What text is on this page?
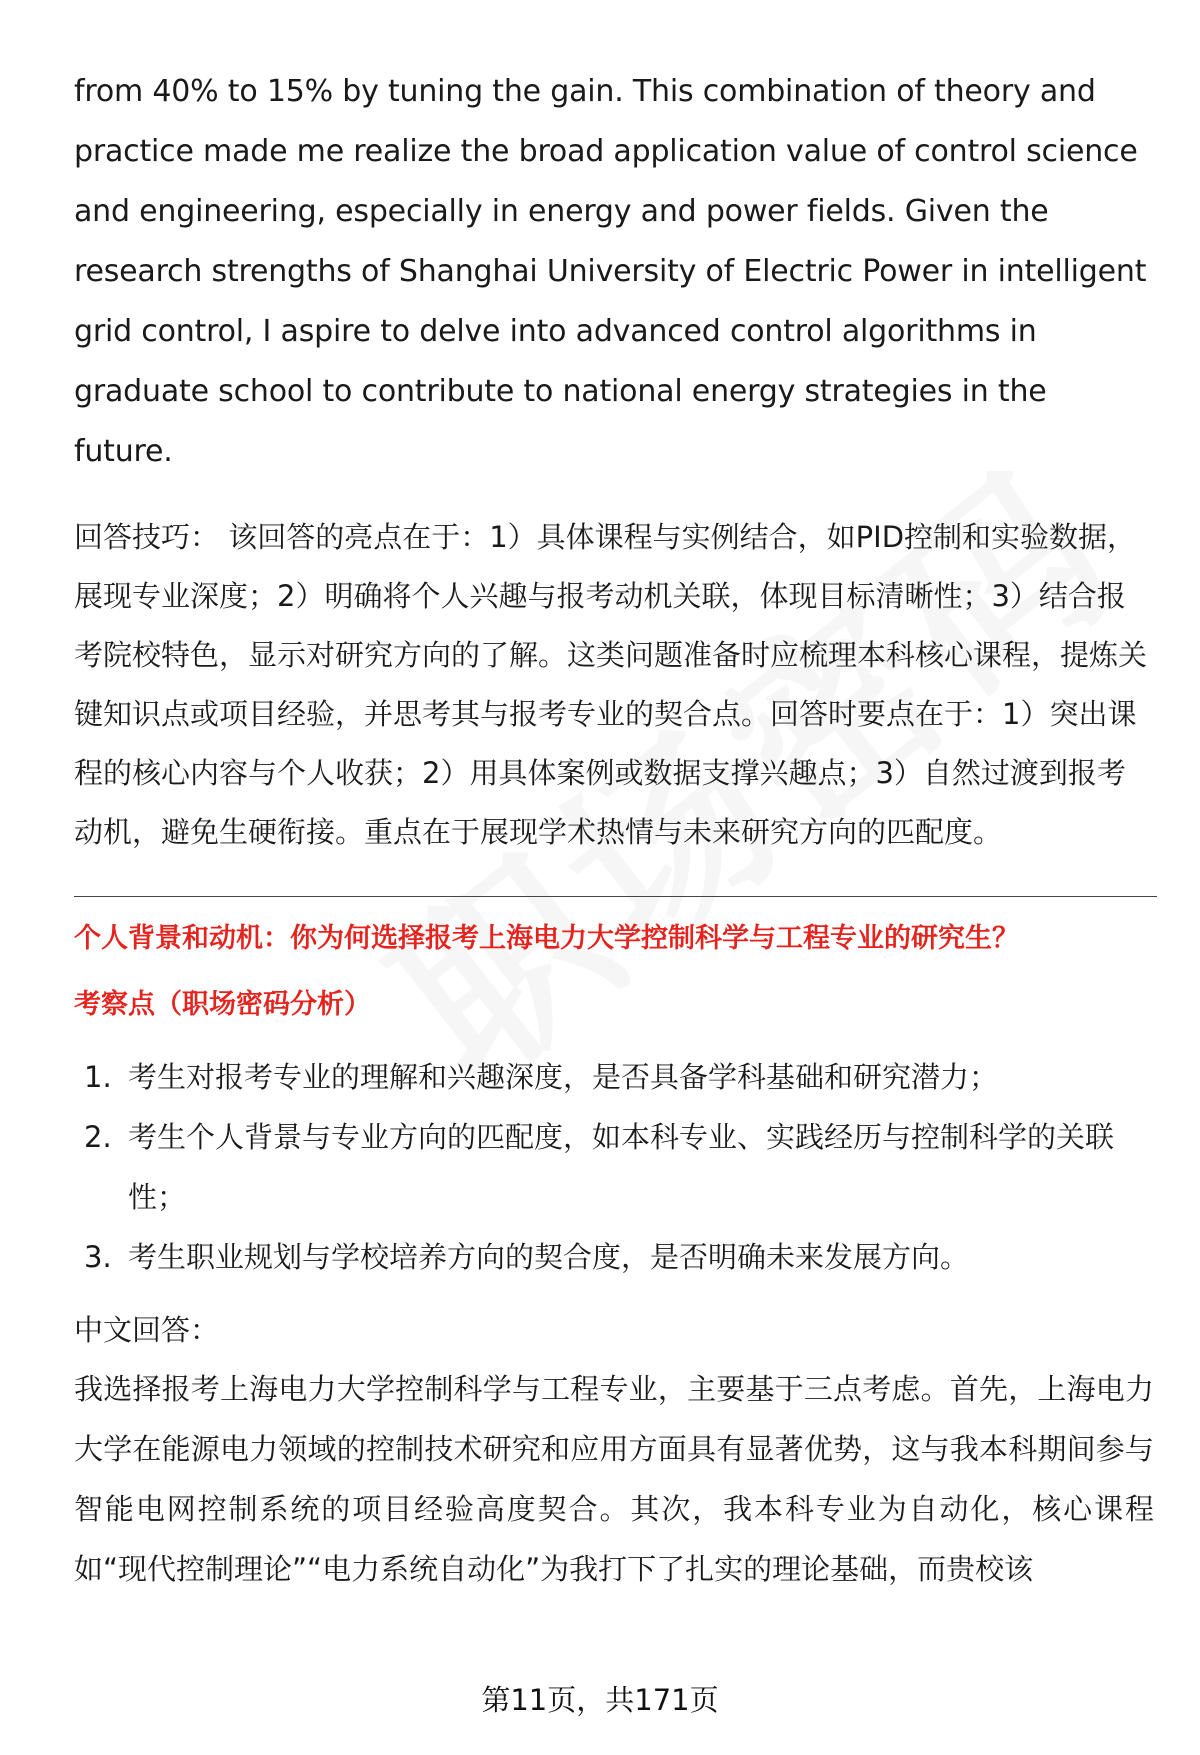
from 40% to 15% by tuning the gain. This combination of theory and practice made me realize the broad application value of control science and engineering, especially in energy and power fields. Given the research strengths of Shanghai University of Electric Power in intelligent grid control, I aspire to delve into advanced control algorithms in graduate school to contribute to national energy strategies in the future.

回答技巧： 该回答的亮点在于：1）具体课程与实例结合，如PID控制和实验数据，展现专业深度；2）明确将个人兴趣与报考动机关联，体现目标清晰性；3）结合报考院校特色，显示对研究方向的了解。这类问题准备时应梳理本科核心课程，提炼关键知识点或项目经验，并思考其与报考专业的契合点。回答时要点在于：1）突出课程的核心内容与个人收获；2）用具体案例或数据支撑兴趣点；3）自然过渡到报考动机，避免生硬衔接。重点在于展现学术热情与未来研究方向的匹配度。

个人背景和动机：你为何选择报考上海电力大学控制科学与工程专业的研究生？
考察点（职场密码分析）
1. 考生对报考专业的理解和兴趣深度，是否具备学科基础和研究潜力；
2. 考生个人背景与专业方向的匹配度，如本科专业、实践经历与控制科学的关联性；
3. 考生职业规划与学校培养方向的契合度，是否明确未来发展方向。
中文回答：

我选择报考上海电力大学控制科学与工程专业，主要基于三点考虑。首先，上海电力大学在能源电力领域的控制技术研究和应用方面具有显著优势，这与我本科期间参与智能电网控制系统的项目经验高度契合。其次，我本科专业为自动化，核心课程如“现代控制理论”“电力系统自动化”为我打下了扎实的理论基础，而贵校该

第11页，共171页
